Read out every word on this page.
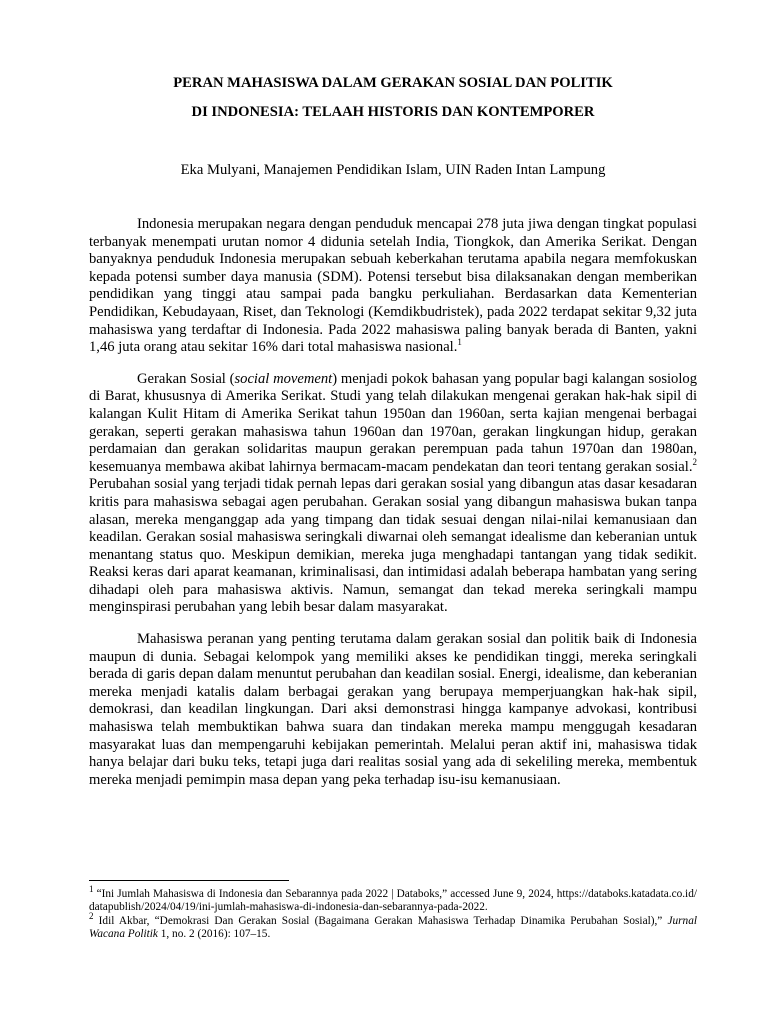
PERAN MAHASISWA DALAM GERAKAN SOSIAL DAN POLITIK
DI INDONESIA: TELAAH HISTORIS DAN KONTEMPORER
Eka Mulyani, Manajemen Pendidikan Islam, UIN Raden Intan Lampung

Indonesia merupakan negara dengan penduduk mencapai 278 juta jiwa dengan tingkat populasi terbanyak menempati urutan nomor 4 didunia setelah India, Tiongkok, dan Amerika Serikat. Dengan banyaknya penduduk Indonesia merupakan sebuah keberkahan terutama apabila negara memfokuskan kepada potensi sumber daya manusia (SDM). Potensi tersebut bisa dilaksanakan dengan memberikan pendidikan yang tinggi atau sampai pada bangku perkuliahan. Berdasarkan data Kementerian Pendidikan, Kebudayaan, Riset, dan Teknologi (Kemdikbudristek), pada 2022 terdapat sekitar 9,32 juta mahasiswa yang terdaftar di Indonesia. Pada 2022 mahasiswa paling banyak berada di Banten, yakni 1,46 juta orang atau sekitar 16% dari total mahasiswa nasional.$^1$

Gerakan Sosial (social movement) menjadi pokok bahasan yang popular bagi kalangan sosiolog di Barat, khususnya di Amerika Serikat. Studi yang telah dilakukan mengenai gerakan hak-hak sipil di kalangan Kulit Hitam di Amerika Serikat tahun 1950an dan 1960an, serta kajian mengenai berbagai gerakan, seperti gerakan mahasiswa tahun 1960an dan 1970an, gerakan lingkungan hidup, gerakan perdamaian dan gerakan solidaritas maupun gerakan perempuan pada tahun 1970an dan 1980an, kesemuanya membawa akibat lahirnya bermacam-macam pendekatan dan teori tentang gerakan sosial.$^2$ Perubahan sosial yang terjadi tidak pernah lepas dari gerakan sosial yang dibangun atas dasar kesadaran kritis para mahasiswa sebagai agen perubahan. Gerakan sosial yang dibangun mahasiswa bukan tanpa alasan, mereka menganggap ada yang timpang dan tidak sesuai dengan nilai-nilai kemanusiaan dan keadilan. Gerakan sosial mahasiswa seringkali diwarnai oleh semangat idealisme dan keberanian untuk menantang status quo. Meskipun demikian, mereka juga menghadapi tantangan yang tidak sedikit. Reaksi keras dari aparat keamanan, kriminalisasi, dan intimidasi adalah beberapa hambatan yang sering dihadapi oleh para mahasiswa aktivis. Namun, semangat dan tekad mereka seringkali mampu menginspirasi perubahan yang lebih besar dalam masyarakat.

Mahasiswa peranan yang penting terutama dalam gerakan sosial dan politik baik di Indonesia maupun di dunia. Sebagai kelompok yang memiliki akses ke pendidikan tinggi, mereka seringkali berada di garis depan dalam menuntut perubahan dan keadilan sosial. Energi, idealisme, dan keberanian mereka menjadi katalis dalam berbagai gerakan yang berupaya memperjuangkan hak-hak sipil, demokrasi, dan keadilan lingkungan. Dari aksi demonstrasi hingga kampanye advokasi, kontribusi mahasiswa telah membuktikan bahwa suara dan tindakan mereka mampu menggugah kesadaran masyarakat luas dan mempengaruhi kebijakan pemerintah. Melalui peran aktif ini, mahasiswa tidak hanya belajar dari buku teks, tetapi juga dari realitas sosial yang ada di sekeliling mereka, membentuk mereka menjadi pemimpin masa depan yang peka terhadap isu-isu kemanusiaan.

$^1$ “Ini Jumlah Mahasiswa di Indonesia dan Sebarannya pada 2022 | Databoks,” accessed June 9, 2024, https://databoks.katadata.co.id/datapublish/2024/04/19/ini-jumlah-mahasiswa-di-indonesia-dan-sebarannya-pada-2022.

$^2$ Idil Akbar, “Demokrasi Dan Gerakan Sosial (Bagaimana Gerakan Mahasiswa Terhadap Dinamika Perubahan Sosial),” Jurnal Wacana Politik 1, no. 2 (2016): 107–15.
